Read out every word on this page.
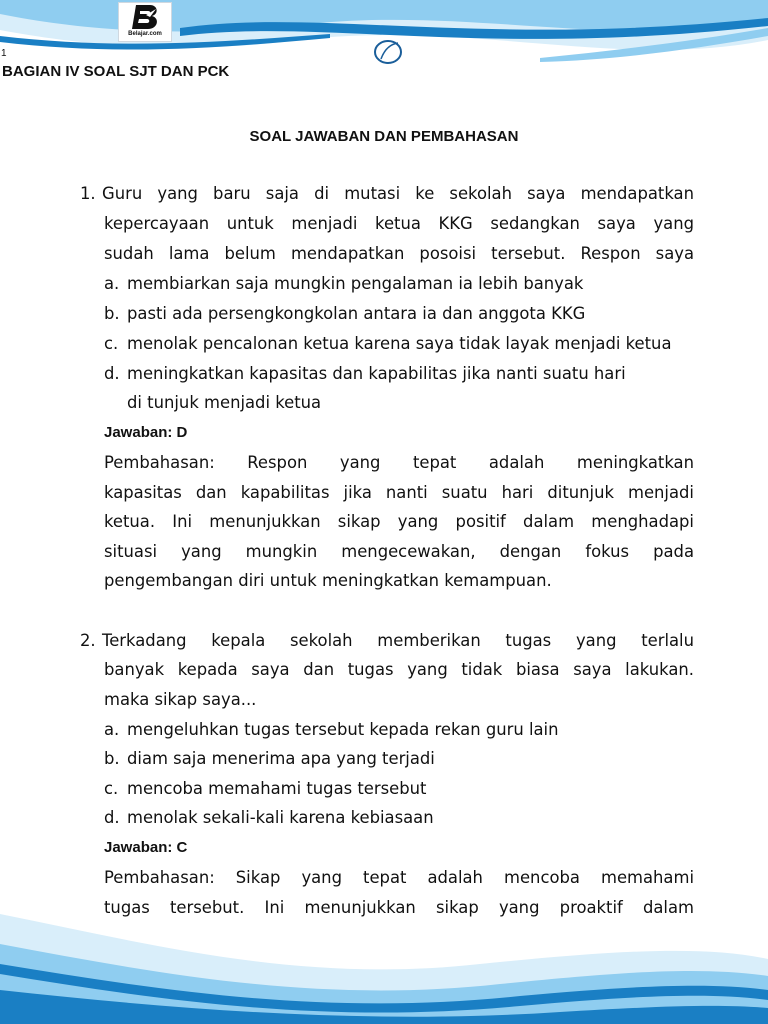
Belajar.com
1
BAGIAN IV SOAL SJT DAN PCK
SOAL JAWABAN DAN PEMBAHASAN
1. Guru yang baru saja di mutasi ke sekolah saya mendapatkan
kepercayaan untuk menjadi ketua KKG sedangkan saya yang
sudah lama belum mendapatkan posoisi tersebut. Respon saya
a. membiarkan saja mungkin pengalaman ia lebih banyak
b. pasti ada persengkongkolan antara ia dan anggota KKG
c. menolak pencalonan ketua karena saya tidak layak menjadi ketua
d. meningkatkan kapasitas dan kapabilitas jika nanti suatu hari
di tunjuk menjadi ketua
Jawaban: D
Pembahasan: Respon yang tepat adalah meningkatkan
kapasitas dan kapabilitas jika nanti suatu hari ditunjuk menjadi
ketua. Ini menunjukkan sikap yang positif dalam menghadapi
situasi yang mungkin mengecewakan, dengan fokus pada
pengembangan diri untuk meningkatkan kemampuan.
2. Terkadang kepala sekolah memberikan tugas yang terlalu
banyak kepada saya dan tugas yang tidak biasa saya lakukan.
maka sikap saya...
a. mengeluhkan tugas tersebut kepada rekan guru lain
b. diam saja menerima apa yang terjadi
c. mencoba memahami tugas tersebut
d. menolak sekali-kali karena kebiasaan
Jawaban: C
Pembahasan: Sikap yang tepat adalah mencoba memahami
tugas tersebut. Ini menunjukkan sikap yang proaktif dalam
